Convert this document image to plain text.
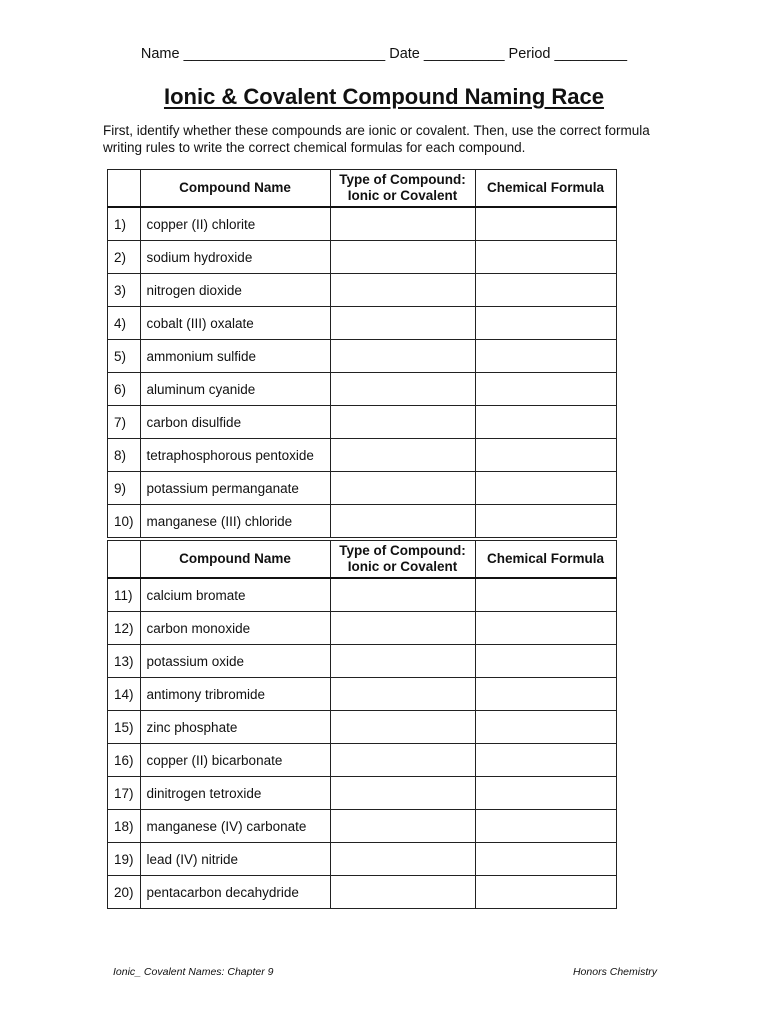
Name _________________________ Date __________ Period _________
Ionic & Covalent Compound Naming Race
First, identify whether these compounds are ionic or covalent. Then, use the correct formula writing rules to write the correct chemical formulas for each compound.
	Compound Name	Type of Compound:
Ionic or Covalent	Chemical Formula
1)	copper (II) chlorite		
2)	sodium hydroxide		
3)	nitrogen dioxide		
4)	cobalt (III) oxalate		
5)	ammonium sulfide		
6)	aluminum cyanide		
7)	carbon disulfide		
8)	tetraphosphorous pentoxide		
9)	potassium permanganate		
10)	manganese (III) chloride		
	Compound Name	Type of Compound:
Ionic or Covalent	Chemical Formula
11)	calcium bromate		
12)	carbon monoxide		
13)	potassium oxide		
14)	antimony tribromide		
15)	zinc phosphate		
16)	copper (II) bicarbonate		
17)	dinitrogen tetroxide		
18)	manganese (IV) carbonate		
19)	lead (IV) nitride		
20)	pentacarbon decahydride		
Ionic_ Covalent Names: Chapter 9	Honors Chemistry
